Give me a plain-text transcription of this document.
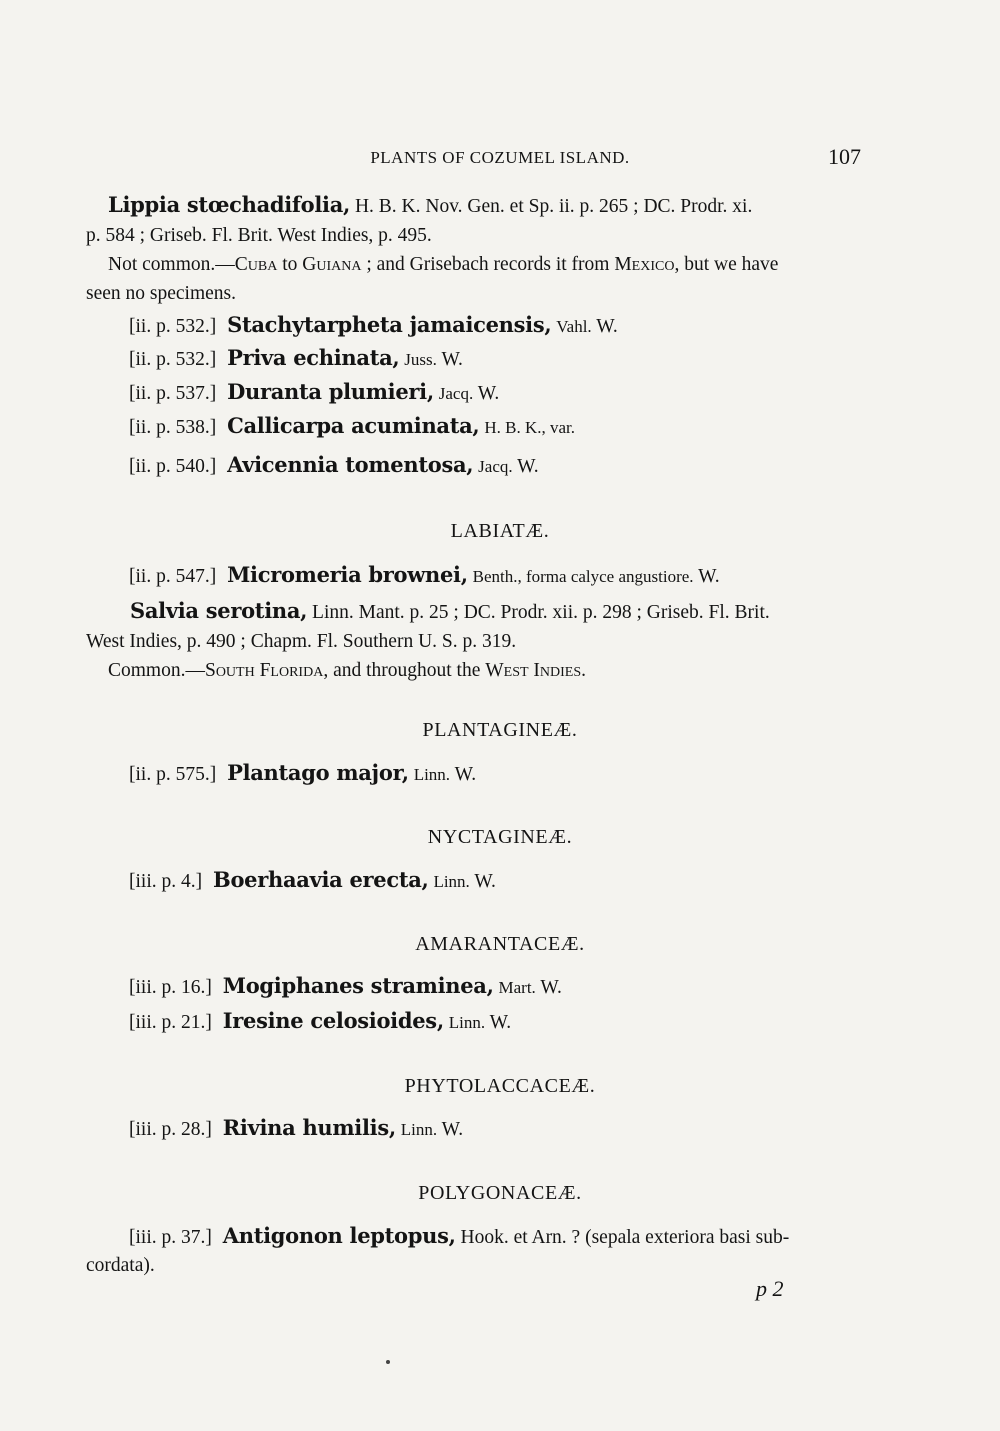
PLANTS OF COZUMEL ISLAND.	107
Lippia stœchadifolia, H. B. K. Nov. Gen. et Sp. ii. p. 265 ; DC. Prodr. xi.
p. 584 ; Griseb. Fl. Brit. West Indies, p. 495.
Not common.—Cuba to Guiana ; and Grisebach records it from Mexico, but we have
seen no specimens.
[ii. p. 532.] Stachytarpheta jamaicensis, Vahl. W.
[ii. p. 532.] Priva echinata, Juss. W.
[ii. p. 537.] Duranta plumieri, Jacq. W.
[ii. p. 538.] Callicarpa acuminata, H. B. K., var.
[ii. p. 540.] Avicennia tomentosa, Jacq. W.
LABIATÆ.
[ii. p. 547.] Micromeria brownei, Benth., forma calyce angustiore. W.
Salvia serotina, Linn. Mant. p. 25 ; DC. Prodr. xii. p. 298 ; Griseb. Fl. Brit.
West Indies, p. 490 ; Chapm. Fl. Southern U. S. p. 319.
Common.—South Florida, and throughout the West Indies.
PLANTAGINEÆ.
[ii. p. 575.] Plantago major, Linn. W.
NYCTAGINEÆ.
[iii. p. 4.] Boerhaavia erecta, Linn. W.
AMARANTACEÆ.
[iii. p. 16.] Mogiphanes straminea, Mart. W.
[iii. p. 21.] Iresine celosioides, Linn. W.
PHYTOLACCACEÆ.
[iii. p. 28.] Rivina humilis, Linn. W.
POLYGONACEÆ.
[iii. p. 37.] Antigonon leptopus, Hook. et Arn. ? (sepala exteriora basi sub-
cordata).
p 2
